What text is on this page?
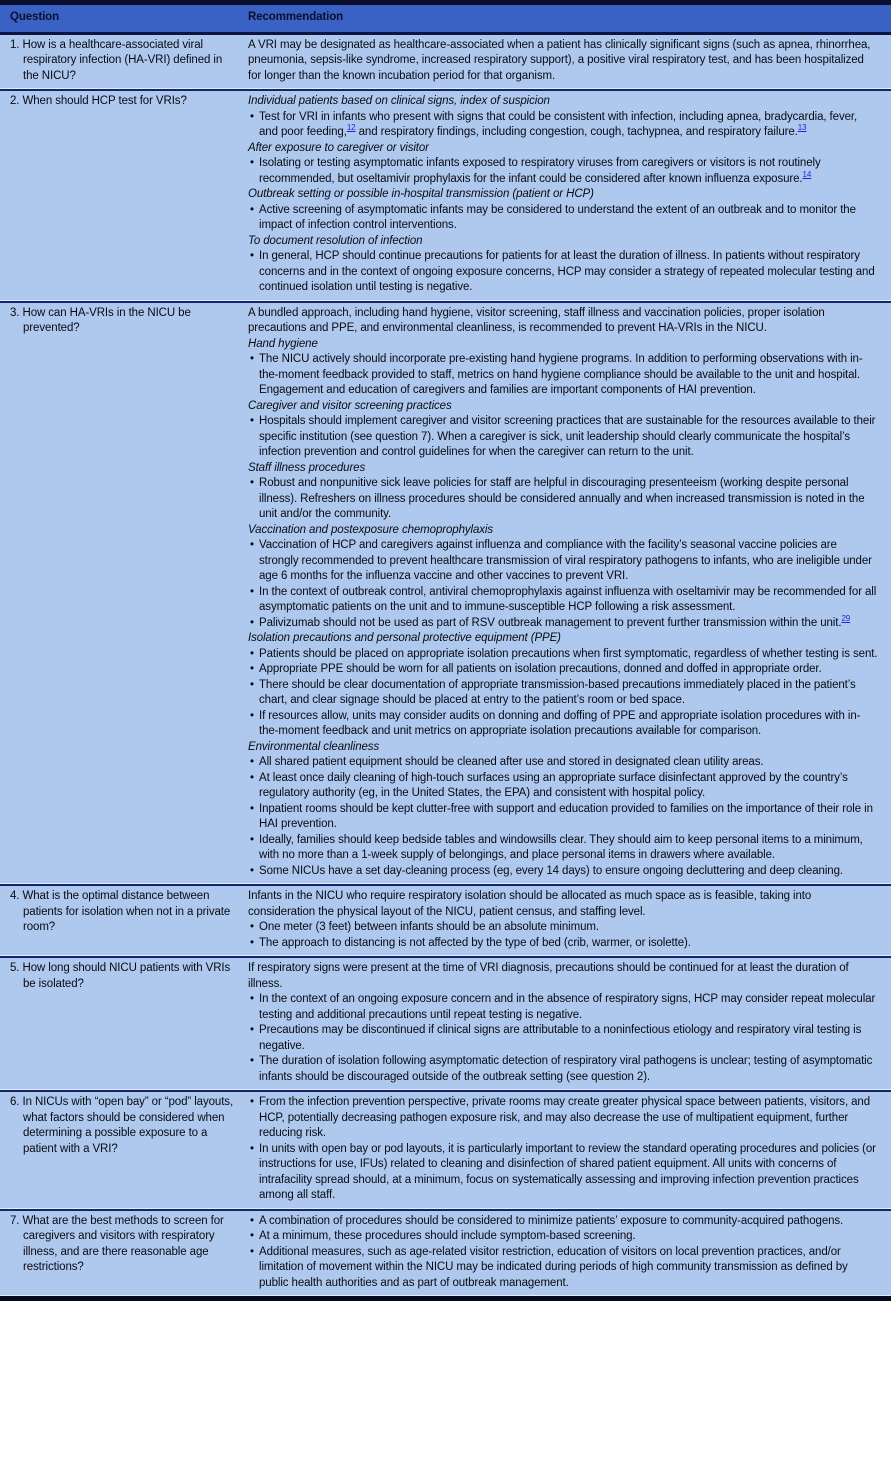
Question	Recommendation
1. How is a healthcare-associated viral respiratory infection (HA-VRI) defined in the NICU?

A VRI may be designated as healthcare-associated when a patient has clinically significant signs (such as apnea, rhinorrhea, pneumonia, sepsis-like syndrome, increased respiratory support), a positive viral respiratory test, and has been hospitalized for longer than the known incubation period for that organism.

2. When should HCP test for VRIs?	Individual patients based on clinical signs, index of suspicion

• Test for VRI in infants who present with signs that could be consistent with infection, including apnea, bradycardia, fever, and poor feeding,$^{12}$ and respiratory findings, including congestion, cough, tachypnea, and respiratory failure.$^{13}$

After exposure to caregiver or visitor

• Isolating or testing asymptomatic infants exposed to respiratory viruses from caregivers or visitors is not routinely recommended, but oseltamivir prophylaxis for the infant could be considered after known influenza exposure.$^{14}$

Outbreak setting or possible in-hospital transmission (patient or HCP)

• Active screening of asymptomatic infants may be considered to understand the extent of an outbreak and to monitor the impact of infection control interventions.

To document resolution of infection

• In general, HCP should continue precautions for patients for at least the duration of illness. In patients without respiratory concerns and in the context of ongoing exposure concerns, HCP may consider a strategy of repeated molecular testing and continued isolation until testing is negative.
3. How can HA-VRIs in the NICU be prevented?

A bundled approach, including hand hygiene, visitor screening, staff illness and vaccination policies, proper isolation precautions and PPE, and environmental cleanliness, is recommended to prevent HA-VRIs in the NICU.

Hand hygiene

• The NICU actively should incorporate pre-existing hand hygiene programs. In addition to performing observations with in-the-moment feedback provided to staff, metrics on hand hygiene compliance should be available to the unit and hospital. Engagement and education of caregivers and families are important components of HAI prevention.

Caregiver and visitor screening practices

• Hospitals should implement caregiver and visitor screening practices that are sustainable for the resources available to their specific institution (see question 7). When a caregiver is sick, unit leadership should clearly communicate the hospital’s infection prevention and control guidelines for when the caregiver can return to the unit.

Staff illness procedures

• Robust and nonpunitive sick leave policies for staff are helpful in discouraging presenteeism (working despite personal illness). Refreshers on illness procedures should be considered annually and when increased transmission is noted in the unit and/or the community.

Vaccination and postexposure chemoprophylaxis

• Vaccination of HCP and caregivers against influenza and compliance with the facility’s seasonal vaccine policies are strongly recommended to prevent healthcare transmission of viral respiratory pathogens to infants, who are ineligible under age 6 months for the influenza vaccine and other vaccines to prevent VRI.
• In the context of outbreak control, antiviral chemoprophylaxis against influenza with oseltamivir may be recommended for all asymptomatic patients on the unit and to immune-susceptible HCP following a risk assessment.
• Palivizumab should not be used as part of RSV outbreak management to prevent further transmission within the unit.$^{29}$

Isolation precautions and personal protective equipment (PPE)

• Patients should be placed on appropriate isolation precautions when first symptomatic, regardless of whether testing is sent.
• Appropriate PPE should be worn for all patients on isolation precautions, donned and doffed in appropriate order.
• There should be clear documentation of appropriate transmission-based precautions immediately placed in the patient’s chart, and clear signage should be placed at entry to the patient’s room or bed space.
• If resources allow, units may consider audits on donning and doffing of PPE and appropriate isolation procedures with in-the-moment feedback and unit metrics on appropriate isolation precautions available for comparison.

Environmental cleanliness

• All shared patient equipment should be cleaned after use and stored in designated clean utility areas.
• At least once daily cleaning of high-touch surfaces using an appropriate surface disinfectant approved by the country’s regulatory authority (eg, in the United States, the EPA) and consistent with hospital policy.
• Inpatient rooms should be kept clutter-free with support and education provided to families on the importance of their role in HAI prevention.
• Ideally, families should keep bedside tables and windowsills clear. They should aim to keep personal items to a minimum, with no more than a 1-week supply of belongings, and place personal items in drawers where available.
• Some NICUs have a set day-cleaning process (eg, every 14 days) to ensure ongoing decluttering and deep cleaning.
4. What is the optimal distance between patients for isolation when not in a private room?

Infants in the NICU who require respiratory isolation should be allocated as much space as is feasible, taking into consideration the physical layout of the NICU, patient census, and staffing level.

• One meter (3 feet) between infants should be an absolute minimum.
• The approach to distancing is not affected by the type of bed (crib, warmer, or isolette).
5. How long should NICU patients with VRIs be isolated?

If respiratory signs were present at the time of VRI diagnosis, precautions should be continued for at least the duration of illness.

• In the context of an ongoing exposure concern and in the absence of respiratory signs, HCP may consider repeat molecular testing and additional precautions until repeat testing is negative.
• Precautions may be discontinued if clinical signs are attributable to a noninfectious etiology and respiratory viral testing is negative.
• The duration of isolation following asymptomatic detection of respiratory viral pathogens is unclear; testing of asymptomatic infants should be discouraged outside of the outbreak setting (see question 2).
6. In NICUs with “open bay” or “pod” layouts, what factors should be considered when determining a possible exposure to a patient with a VRI?
• From the infection prevention perspective, private rooms may create greater physical space between patients, visitors, and HCP, potentially decreasing pathogen exposure risk, and may also decrease the use of multipatient equipment, further reducing risk.
• In units with open bay or pod layouts, it is particularly important to review the standard operating procedures and policies (or instructions for use, IFUs) related to cleaning and disinfection of shared patient equipment. All units with concerns of intrafacility spread should, at a minimum, focus on systematically assessing and improving infection prevention practices among all staff.
7. What are the best methods to screen for caregivers and visitors with respiratory illness, and are there reasonable age restrictions?
• A combination of procedures should be considered to minimize patients’ exposure to community-acquired pathogens.
• At a minimum, these procedures should include symptom-based screening.
• Additional measures, such as age-related visitor restriction, education of visitors on local prevention practices, and/or limitation of movement within the NICU may be indicated during periods of high community transmission as defined by public health authorities and as part of outbreak management.
